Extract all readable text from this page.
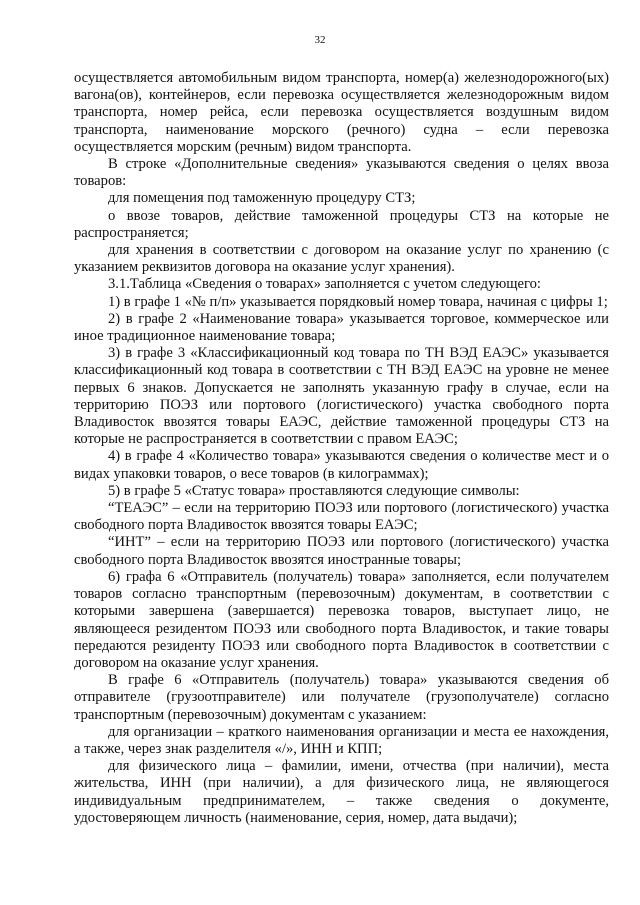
32

осуществляется автомобильным видом транспорта, номер(а) железнодорожного(ых) вагона(ов), контейнеров, если перевозка осуществляется железнодорожным видом транспорта, номер рейса, если перевозка осуществляется воздушным видом транспорта, наименование морского (речного) судна – если перевозка осуществляется морским (речным) видом транспорта.

В строке «Дополнительные сведения» указываются сведения о целях ввоза товаров:

для помещения под таможенную процедуру СТЗ;

о ввозе товаров, действие таможенной процедуры СТЗ на которые не распространяется;

для хранения в соответствии с договором на оказание услуг по хранению (с указанием реквизитов договора на оказание услуг хранения).

3.1.Таблица «Сведения о товарах» заполняется с учетом следующего:

1) в графе 1 «№ п/п» указывается порядковый номер товара, начиная с цифры 1;

2) в графе 2 «Наименование товара» указывается торговое, коммерческое или иное традиционное наименование товара;

3) в графе 3 «Классификационный код товара по ТН ВЭД ЕАЭС» указывается классификационный код товара в соответствии с ТН ВЭД ЕАЭС на уровне не менее первых 6 знаков. Допускается не заполнять указанную графу в случае, если на территорию ПОЭЗ или портового (логистического) участка свободного порта Владивосток ввозятся товары ЕАЭС, действие таможенной процедуры СТЗ на которые не распространяется в соответствии с правом ЕАЭС;

4) в графе 4 «Количество товара» указываются сведения о количестве мест и о видах упаковки товаров, о весе товаров (в килограммах);

5) в графе 5 «Статус товара» проставляются следующие символы:

“ТЕАЭС” – если на территорию ПОЭЗ или портового (логистического) участка свободного порта Владивосток ввозятся товары ЕАЭС;

“ИНТ” – если на территорию ПОЭЗ или портового (логистического) участка свободного порта Владивосток ввозятся иностранные товары;

6) графа 6 «Отправитель (получатель) товара» заполняется, если получателем товаров согласно транспортным (перевозочным) документам, в соответствии с которыми завершена (завершается) перевозка товаров, выступает лицо, не являющееся резидентом ПОЭЗ или свободного порта Владивосток, и такие товары передаются резиденту ПОЭЗ или свободного порта Владивосток в соответствии с договором на оказание услуг хранения.

В графе 6 «Отправитель (получатель) товара» указываются сведения об отправителе (грузоотправителе) или получателе (грузополучателе) согласно транспортным (перевозочным) документам с указанием:

для организации – краткого наименования организации и места ее нахождения, а также, через знак разделителя «/», ИНН и КПП;

для физического лица – фамилии, имени, отчества (при наличии), места жительства, ИНН (при наличии), а для физического лица, не являющегося индивидуальным предпринимателем, – также сведения о документе, удостоверяющем личность (наименование, серия, номер, дата выдачи);
